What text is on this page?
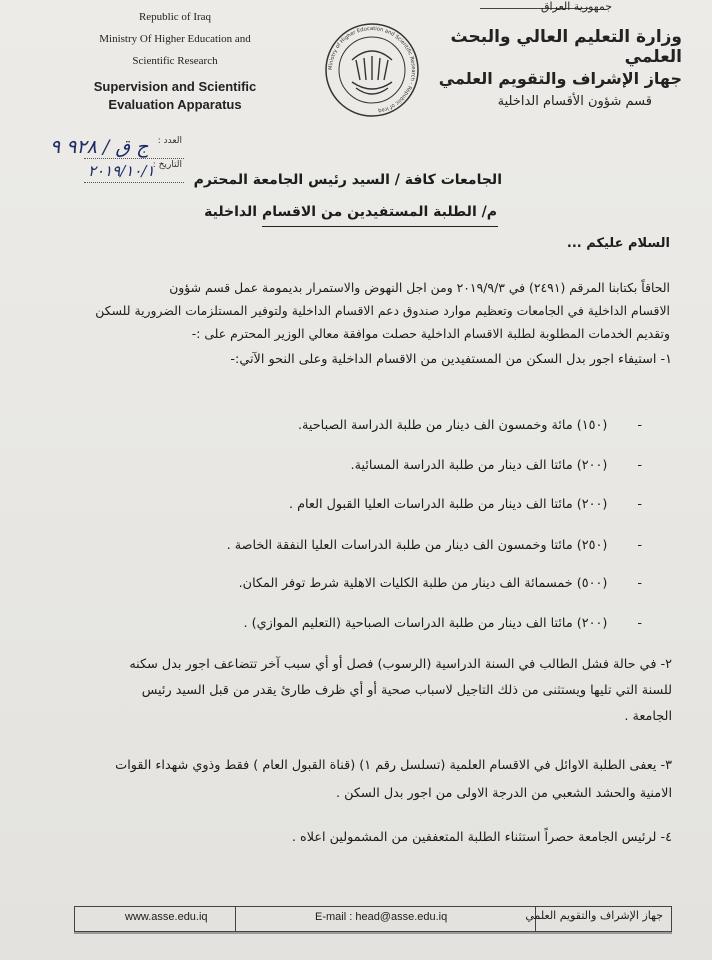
Republic of Iraq
Ministry Of Higher Education and
Scientific Research
Supervision and Scientific
Evaluation Apparatus
Ministry of Higher Education and Scientific Research - Republic of Iraq
جمهورية العراق
وزارة التعليم العالي والبحث العلمي
جهاز الإشراف والتقويم العلمي
قسم شؤون الأقسام الداخلية
العدد :
التاريخ :
ج ق / ٩٢٨ ٩
٢٠١٩/١٠/١	الجامعات كافة / السيد رئيس الجامعة المحترم
م/ الطلبة المستفيدين من الاقسام الداخلية
السلام عليكم ...
الحاقاً بكتابنا المرقم (٢٤٩١) في ٢٠١٩/٩/٣ ومن اجل النهوض والاستمرار بديمومة عمل قسم شؤون
الاقسام الداخلية في الجامعات وتعظيم موارد صندوق دعم الاقسام الداخلية ولتوفير المستلزمات الضرورية للسكن
وتقديم الخدمات المطلوبة لطلبة الاقسام الداخلية حصلت موافقة معالي الوزير المحترم على :-
١- استيفاء اجور بدل السكن من المستفيدين من الاقسام الداخلية وعلى النحو الآتي:-
-(١٥٠) مائة وخمسون الف دينار من طلبة الدراسة الصباحية.
-(٢٠٠) مائتا الف دينار من طلبة الدراسة المسائية.
-(٢٠٠) مائتا الف دينار من طلبة الدراسات العليا القبول العام .
-(٢٥٠) مائتا وخمسون الف دينار من طلبة الدراسات العليا النفقة الخاصة .
-(٥٠٠) خمسمائة الف دينار من طلبة الكليات الاهلية شرط توفر المكان.
-(٢٠٠) مائتا الف دينار من طلبة الدراسات الصباحية (التعليم الموازي) .
٢- في حالة فشل الطالب في السنة الدراسية (الرسوب) فصل أو أي سبب آخر تتضاعف اجور بدل سكنه
للسنة التي تليها ويستثنى من ذلك التاجيل لاسباب صحية أو أي ظرف طارئ يقدر من قبل السيد رئيس
الجامعة .
٣- يعفى الطلبة الاوائل في الاقسام العلمية (تسلسل رقم ١) (قناة القبول العام ) فقط وذوي شهداء القوات
الامنية والحشد الشعبي من الدرجة الاولى من اجور بدل السكن .
٤- لرئيس الجامعة حصراً استثناء الطلبة المتعففين من المشمولين اعلاه .
www.asse.edu.iq	E-mail : head@asse.edu.iq	جهاز الإشراف والتقويم العلمي
